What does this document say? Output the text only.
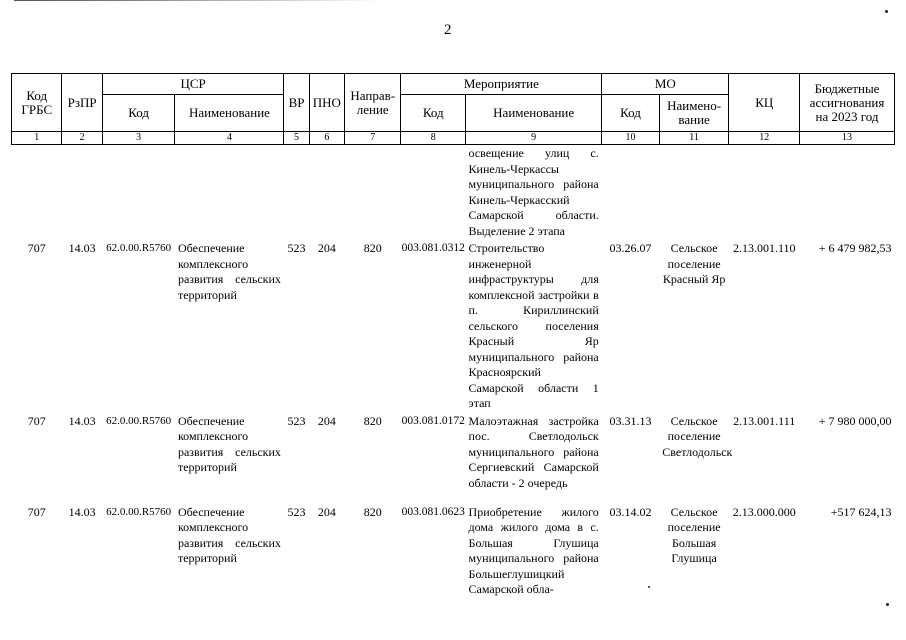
2
Код ГРБС	РзПР	ЦСР		ВР	ПНО	Направ-ление	Мероприятие		МО		КЦ	Бюджетные ассигнования на 2023 год
		Код	Наименование				Код	Наименование	Код	Наимено-вание		
1	2	3	4	5	6	7	8	9	10	11	12	13
								освещение улиц с. Кинель-Черкассы муниципального района Кинель-Черкасский Самарской области. Выделение 2 этапа				
707	14.03	62.0.00.R5760	Обеспечение комплексного развития сельских территорий	523	204	820	003.081.0312	Строительство инженерной инфраструктуры для комплексной застройки в п. Кириллинский сельского поселения Красный Яр муниципального района Красноярский Самарской области 1 этап	03.26.07	Сельское поселение Красный Яр	2.13.001.110	+ 6 479 982,53
707	14.03	62.0.00.R5760	Обеспечение комплексного развития сельских территорий	523	204	820	003.081.0172	Малоэтажная застройка пос. Светлодольск муниципального района Сергиевский Самарской области - 2 очередь	03.31.13	Сельское поселение Светлодольск	2.13.001.111	+ 7 980 000,00
707	14.03	62.0.00.R5760	Обеспечение комплексного развития сельских территорий	523	204	820	003.081.0623	Приобретение жилого дома жилого дома в с. Большая Глушица муниципального района Большеглушицкий Самарской обла-	03.14.02	Сельское поселение Большая Глушица	2.13.000.000	+517 624,13
